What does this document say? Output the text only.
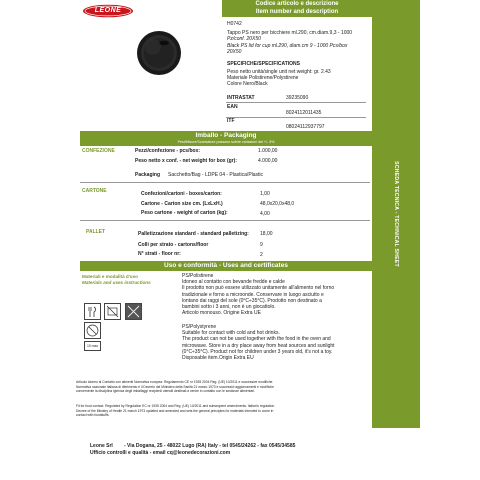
LEONE
Codice articolo e descrizione
Item number and description
SCHEDA TECNICA - TECHNICAL SHEET
H0742
Tappo PS nero per bicchiere ml.290, cm.diam.9,3 - 1000
Pz/conf. 20X50
Black PS lid for cup ml.290, diam.cm 9 - 1000 Pcs/box
20X50
SPECIFICHE/SPECIFICATIONS
Peso netto unità/single unit net weight: gr. 2.43
Materiale Polistirene/Polystirene
Colore Nero/Black
INTRASTAT	39235090
EAN
8024112011435
ITF
08024112937797
Imballo - Packaging
Pesi/Misure/Scaricature possono subire variazioni del +/- 5%
CONFEZIONE	Pezzi/confezione - pcs/box:	1.000,00
Peso netto x conf. - net weight for box (gr):	4.000,00
Packaging Sacchetto/Bag - LDPE 04 - Plastica/Plastic
CARTONE	Confezioni/cartoni - boxes/carton:	1,00
Cartone - Carton size cm. (LxLxH.)	48,0x20,0x48,0
Peso cartone - weight of carton (kg):	4,00
PALLET	Palletizzazione standard - standard palletizing: 18,00
Colli per strato - cartons/floor	9
N° strati - floor nr:	2
Uso e conformità - Uses and certificates
Materiali e modalità d'uso
Materials and uses instructions
10 max
PS/Polistirene
Idoneo al contatto con bevande fredde e calde
Il prodotto non può essere utilizzato unitamente all'alimento nel forno
tradizionale e forno a microonde. Conservare in luogo asciutto e
lontano dai raggi del sole (0°C÷35°C). Prodotto non destinato a
bambini sotto i 3 anni, non è un giocattolo.
Articolo monouso. Origine Extra UE
PS/Polystyrene
Suitable for contact with cold and hot drinks.
The product can not be used together with the food in the oven and
microwave. Store in a dry place away from heat sources and sunlight
(0°C÷35°C). Product not for children under 3 years old, it's not a toy.
Disposable item.Origin Extra EU
Articolo idoneo al Contatto con alimenti Normativa europea: Regolamento CE nr 1935 2004 Reg. (UE) 10/2011 e successive modifiche.
Normativa nazionale italiana di riferimento è il Decreto del Ministero della Sanità 21 marzo 1973 e successivi aggiornamenti e modifiche
concernente la disciplina igienica degli imballaggi recipienti utensili destinati a venire in contatto con le sostanze alimentari.
Fit for food contact. Regulated by Regulation EC nr 1935 2004 and Reg. (UE) 10/2011 and subsequent amendments. Italian's regulation
Decree of the Ministry of Health 21 march 1973 updated and amended and sets the general principles for materials intended to come in
contact with foodstuffs.
Leone Srl - Via Dogana, 25 - 48022 Lugo (RA) Italy - tel 0545/24262 - fax 0545/34585
Ufficio controlli e qualità - email cq@leonedecorazioni.com
